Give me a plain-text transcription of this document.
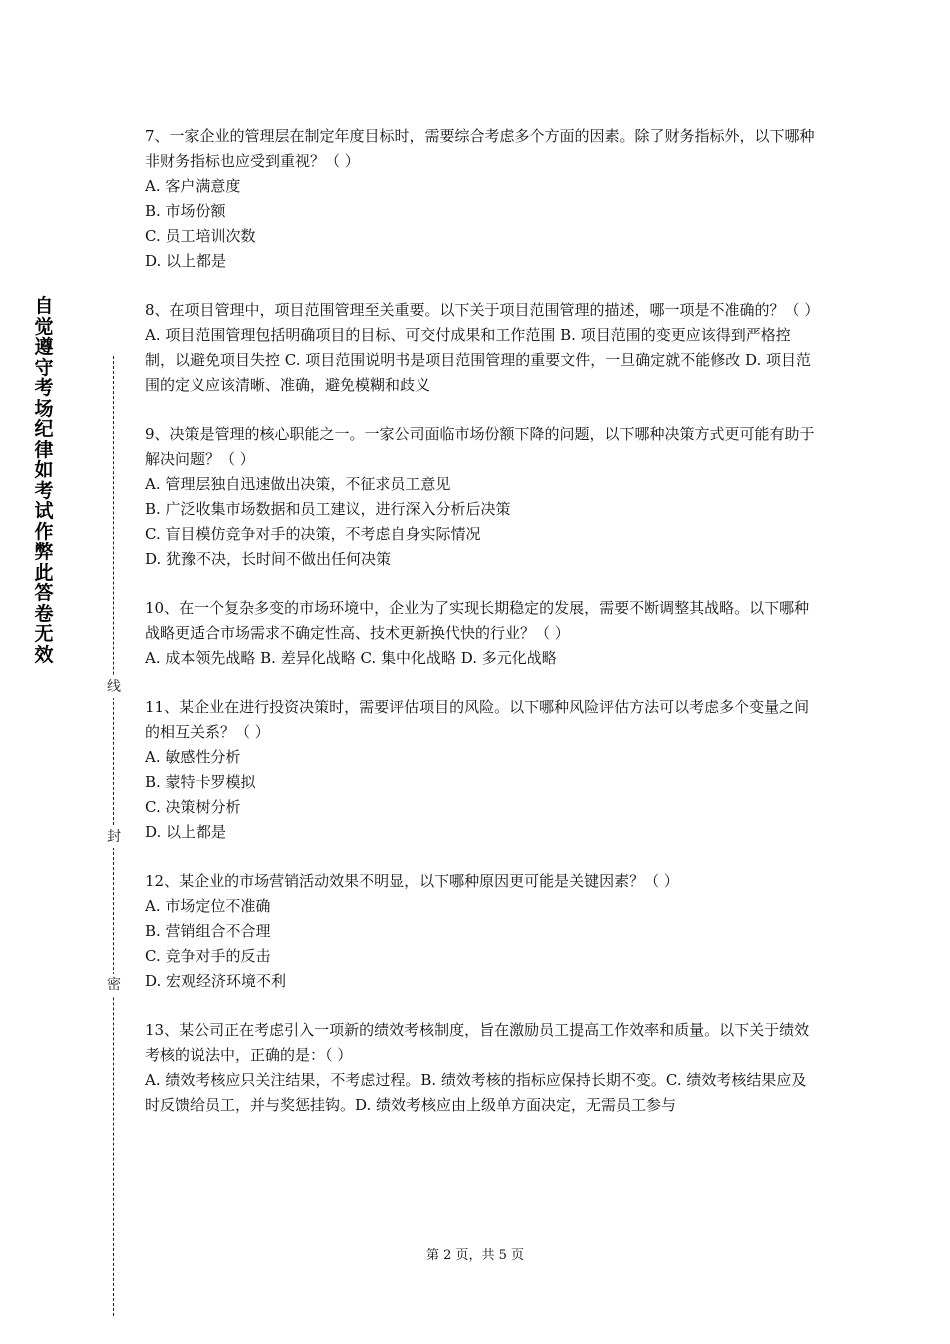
自
觉
遵
守
考
场
纪
律
如
考
试
作
弊
此
答
卷
无
效
线
封
密

7、一家企业的管理层在制定年度目标时，需要综合考虑多个方面的因素。除了财务指标外，以下哪种非财务指标也应受到重视？（ ）

A. 客户满意度

B. 市场份额

C. 员工培训次数

D. 以上都是

8、在项目管理中，项目范围管理至关重要。以下关于项目范围管理的描述，哪一项是不准确的？（ ）

A. 项目范围管理包括明确项目的目标、可交付成果和工作范围 B. 项目范围的变更应该得到严格控制，以避免项目失控 C. 项目范围说明书是项目范围管理的重要文件，一旦确定就不能修改 D. 项目范围的定义应该清晰、准确，避免模糊和歧义

9、决策是管理的核心职能之一。一家公司面临市场份额下降的问题，以下哪种决策方式更可能有助于解决问题？（ ）

A. 管理层独自迅速做出决策，不征求员工意见

B. 广泛收集市场数据和员工建议，进行深入分析后决策

C. 盲目模仿竞争对手的决策，不考虑自身实际情况

D. 犹豫不决，长时间不做出任何决策

10、在一个复杂多变的市场环境中，企业为了实现长期稳定的发展，需要不断调整其战略。以下哪种战略更适合市场需求不确定性高、技术更新换代快的行业？（ ）

A. 成本领先战略 B. 差异化战略 C. 集中化战略 D. 多元化战略

11、某企业在进行投资决策时，需要评估项目的风险。以下哪种风险评估方法可以考虑多个变量之间的相互关系？（ ）

A. 敏感性分析

B. 蒙特卡罗模拟

C. 决策树分析

D. 以上都是

12、某企业的市场营销活动效果不明显，以下哪种原因更可能是关键因素？（ ）

A. 市场定位不准确

B. 营销组合不合理

C. 竞争对手的反击

D. 宏观经济环境不利

13、某公司正在考虑引入一项新的绩效考核制度，旨在激励员工提高工作效率和质量。以下关于绩效考核的说法中，正确的是：（ ）

A. 绩效考核应只关注结果，不考虑过程。B. 绩效考核的指标应保持长期不变。C. 绩效考核结果应及时反馈给员工，并与奖惩挂钩。D. 绩效考核应由上级单方面决定，无需员工参与

第 2 页，共 5 页
